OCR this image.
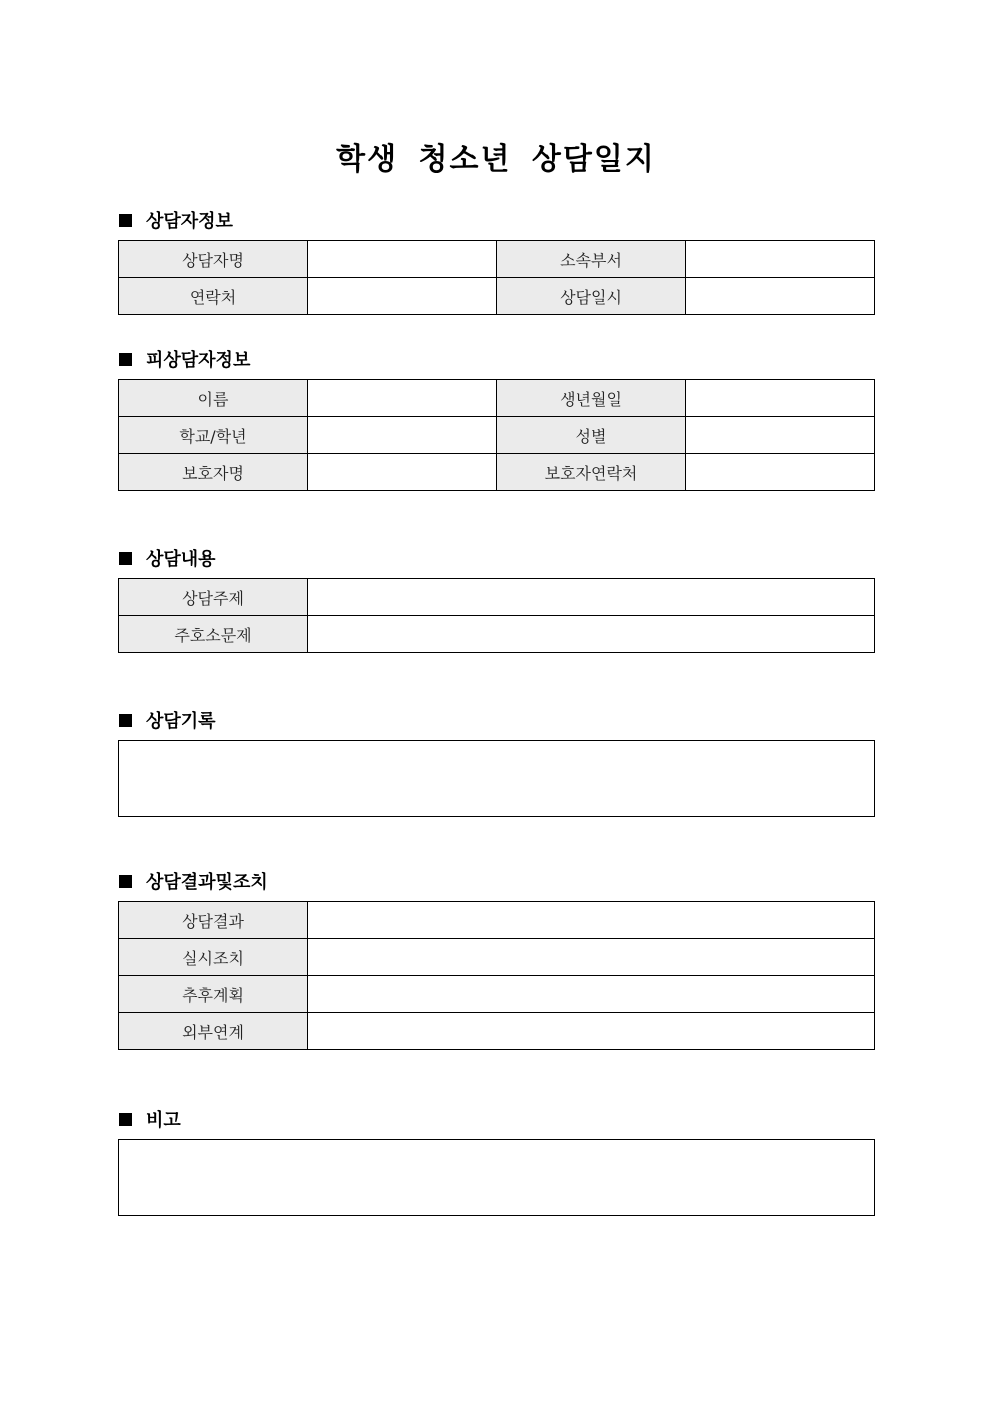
학생 청소년 상담일지
상담자정보
상담자명		소속부서	
연락처		상담일시	
피상담자정보
이름		생년월일	
학교/학년		성별	
보호자명		보호자연락처	
상담내용
상담주제	
주호소문제	
상담기록
상담결과및조치
상담결과	
실시조치	
추후계획	
외부연계	
비고
